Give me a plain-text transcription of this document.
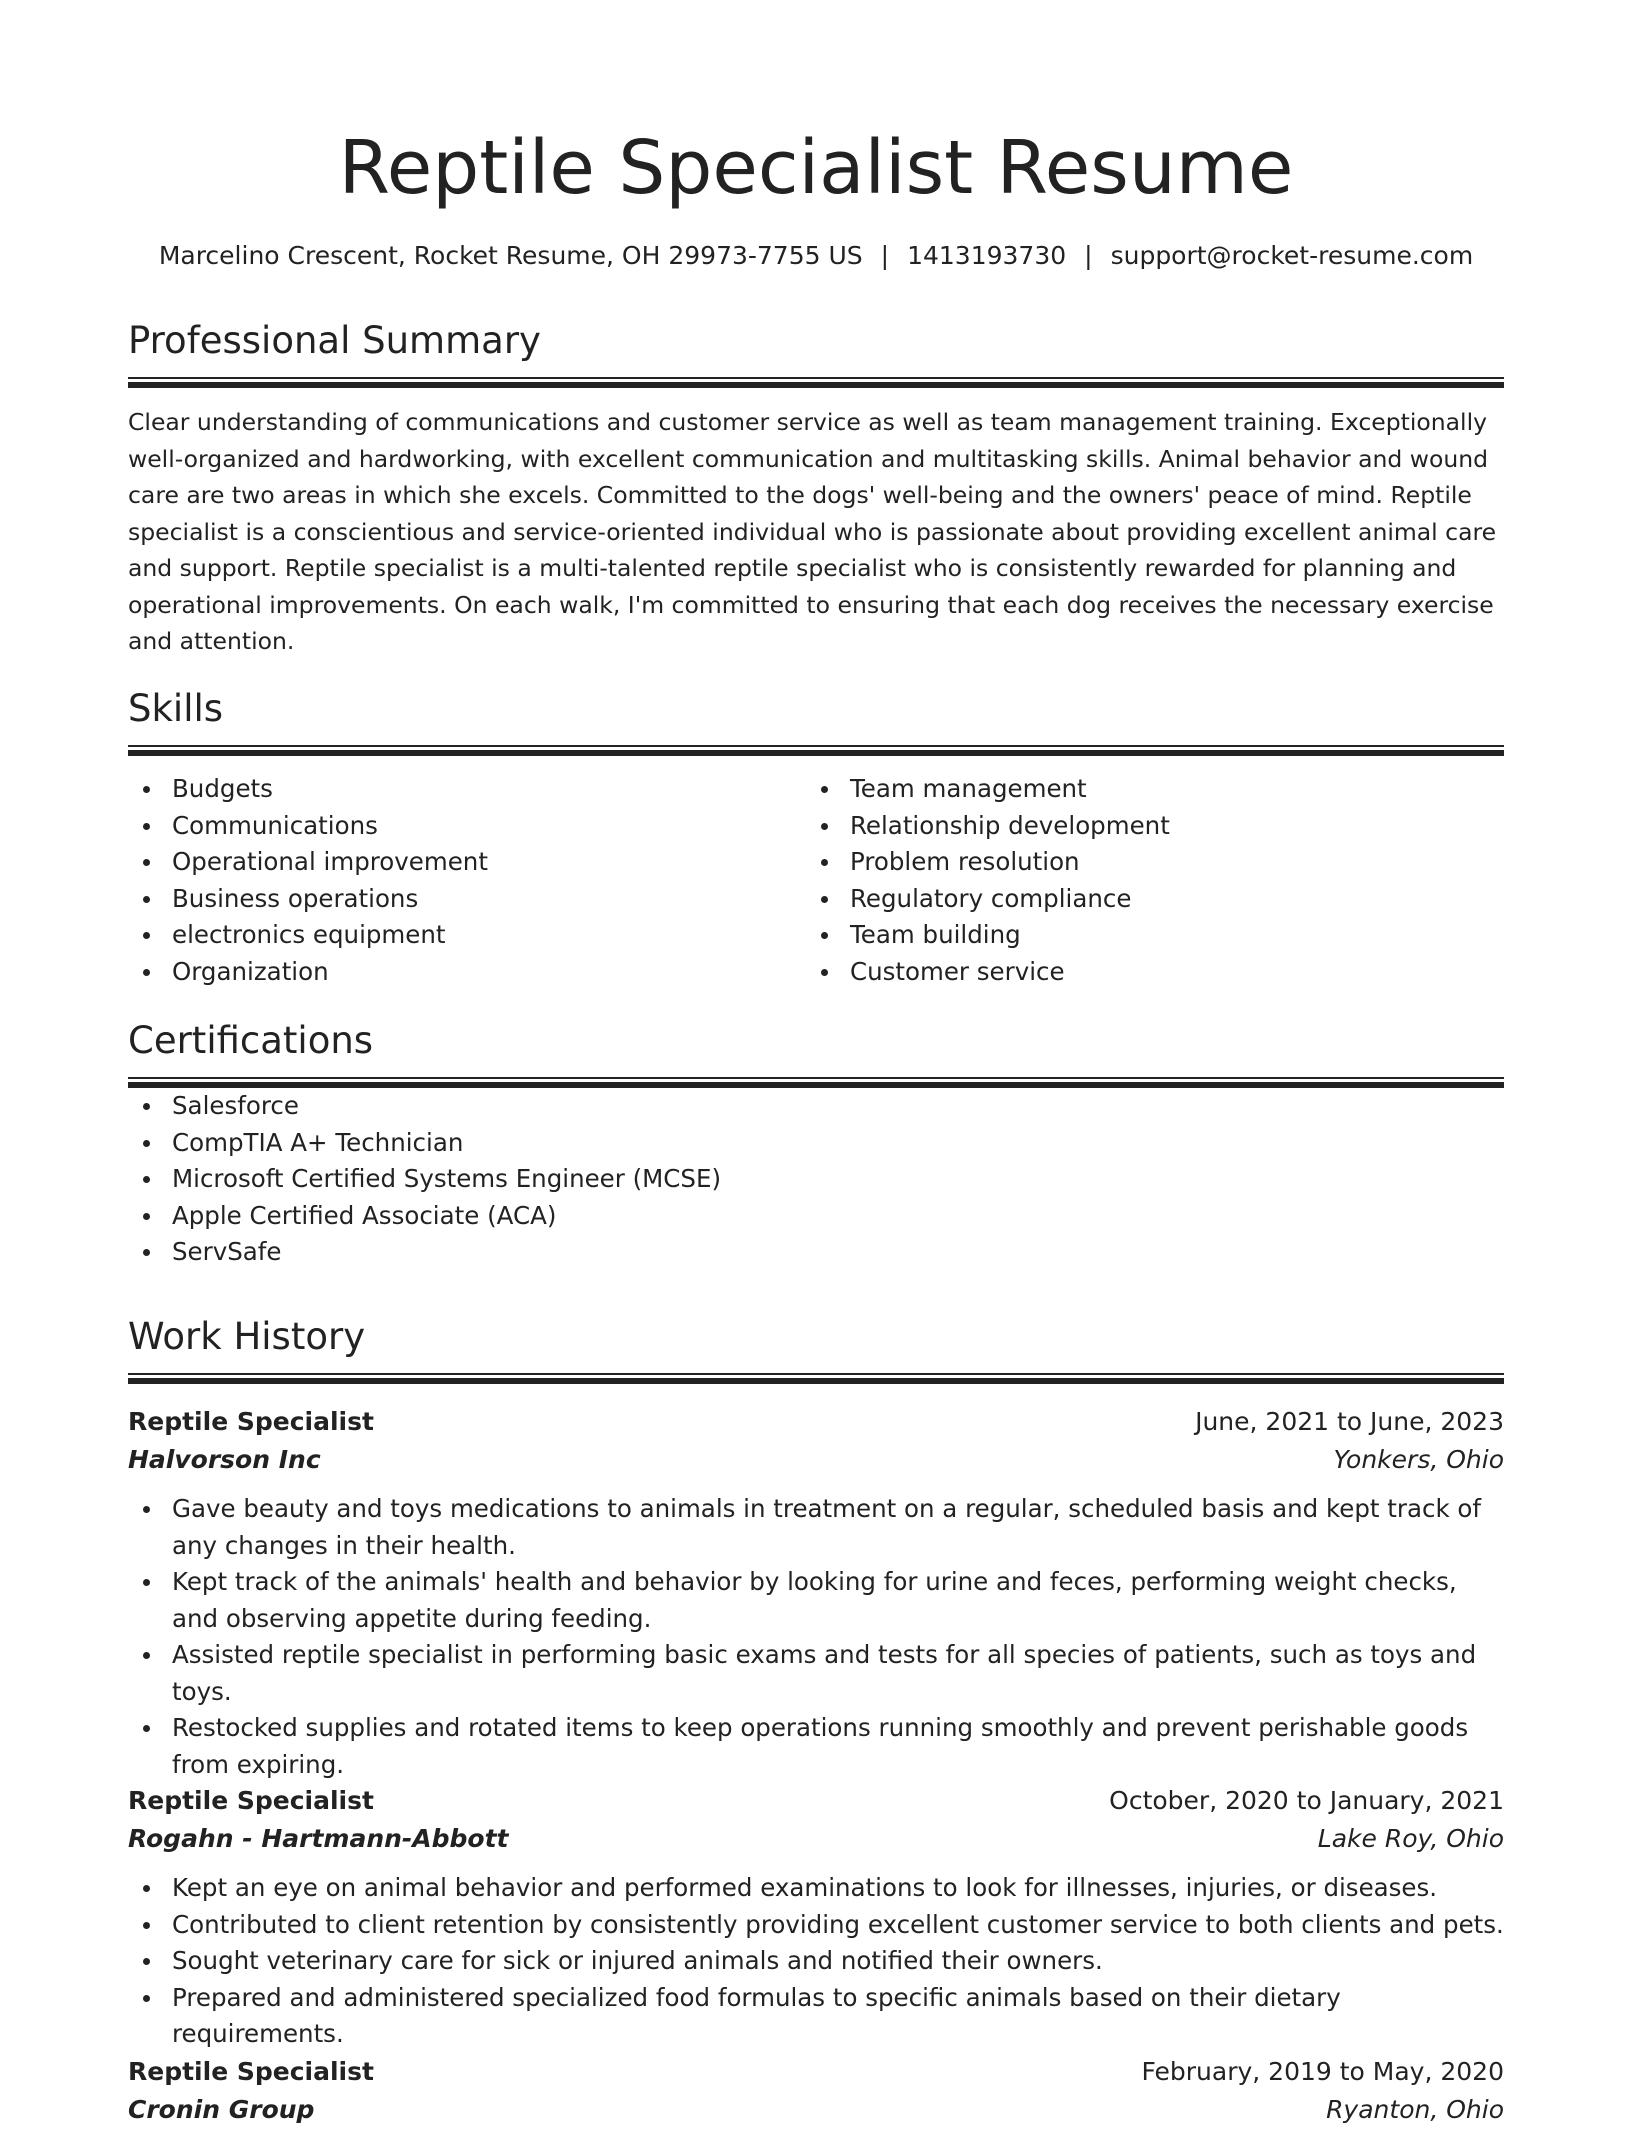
Reptile Specialist Resume
Marcelino Crescent, Rocket Resume, OH 29973-7755 US | 1413193730 | support@rocket-resume.com
Professional Summary

Clear understanding of communications and customer service as well as team management training. Exceptionally well-organized and hardworking, with excellent communication and multitasking skills. Animal behavior and wound care are two areas in which she excels. Committed to the dogs' well-being and the owners' peace of mind. Reptile specialist is a conscientious and service-oriented individual who is passionate about providing excellent animal care and support. Reptile specialist is a multi-talented reptile specialist who is consistently rewarded for planning and operational improvements. On each walk, I'm committed to ensuring that each dog receives the necessary exercise and attention.

Skills
Budgets
Communications
Operational improvement
Business operations
electronics equipment
Organization
Team management
Relationship development
Problem resolution
Regulatory compliance
Team building
Customer service
Certifications
Salesforce
CompTIA A+ Technician
Microsoft Certified Systems Engineer (MCSE)
Apple Certified Associate (ACA)
ServSafe
Work History
Reptile Specialist	June, 2021 to June, 2023
Halvorson Inc	Yonkers, Ohio
Gave beauty and toys medications to animals in treatment on a regular, scheduled basis and kept track of any changes in their health.
Kept track of the animals' health and behavior by looking for urine and feces, performing weight checks, and observing appetite during feeding.
Assisted reptile specialist in performing basic exams and tests for all species of patients, such as toys and toys.
Restocked supplies and rotated items to keep operations running smoothly and prevent perishable goods from expiring.
Reptile Specialist	October, 2020 to January, 2021
Rogahn - Hartmann-Abbott	Lake Roy, Ohio
Kept an eye on animal behavior and performed examinations to look for illnesses, injuries, or diseases.
Contributed to client retention by consistently providing excellent customer service to both clients and pets.
Sought veterinary care for sick or injured animals and notified their owners.
Prepared and administered specialized food formulas to specific animals based on their dietary requirements.
Reptile Specialist	February, 2019 to May, 2020
Cronin Group	Ryanton, Ohio
